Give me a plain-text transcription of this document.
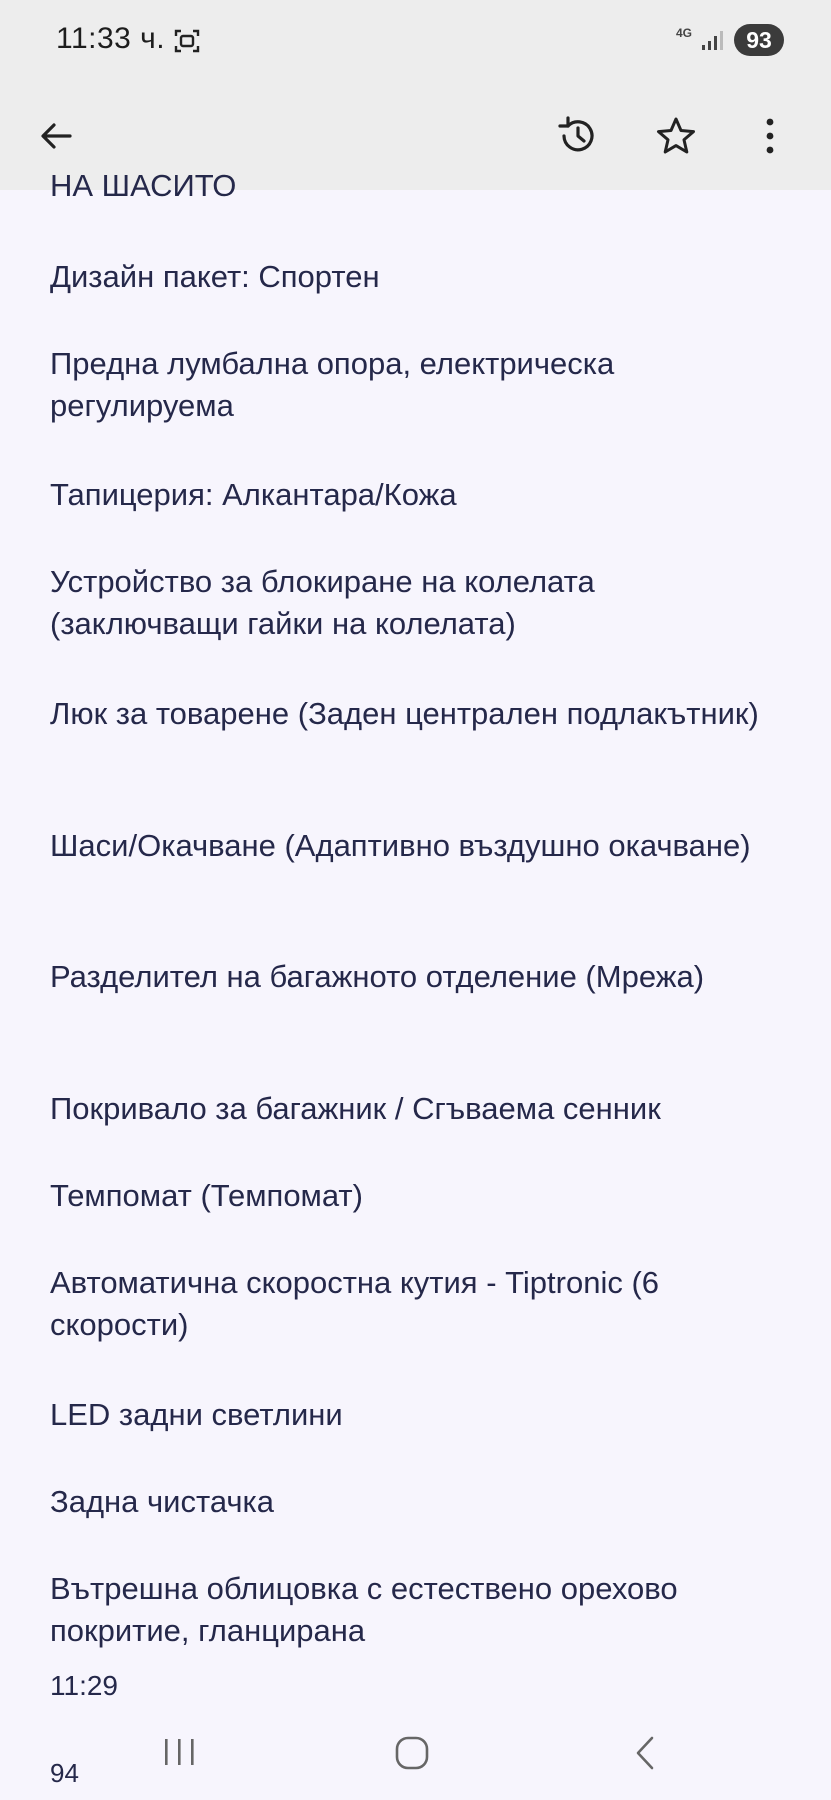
11:33 ч.	4G	93
НА ШАСИТО
Дизайн пакет: Спортен
Предна лумбална опора, електрическа регулируема
Тапицерия: Алкантара/Кожа
Устройство за блокиране на колелата (заключващи гайки на колелата)
Люк за товарене (Заден централен подлакътник)
Шаси/Окачване (Адаптивно въздушно окачване)
Разделител на багажното отделение (Мрежа)
Покривало за багажник / Сгъваема сенник
Темпомат (Темпомат)
Автоматична скоростна кутия - Tiptronic (6 скорости)
LED задни светлини
Задна чистачка
Вътрешна облицовка с естествено орехово покритие, гланцирана
11:29
94
